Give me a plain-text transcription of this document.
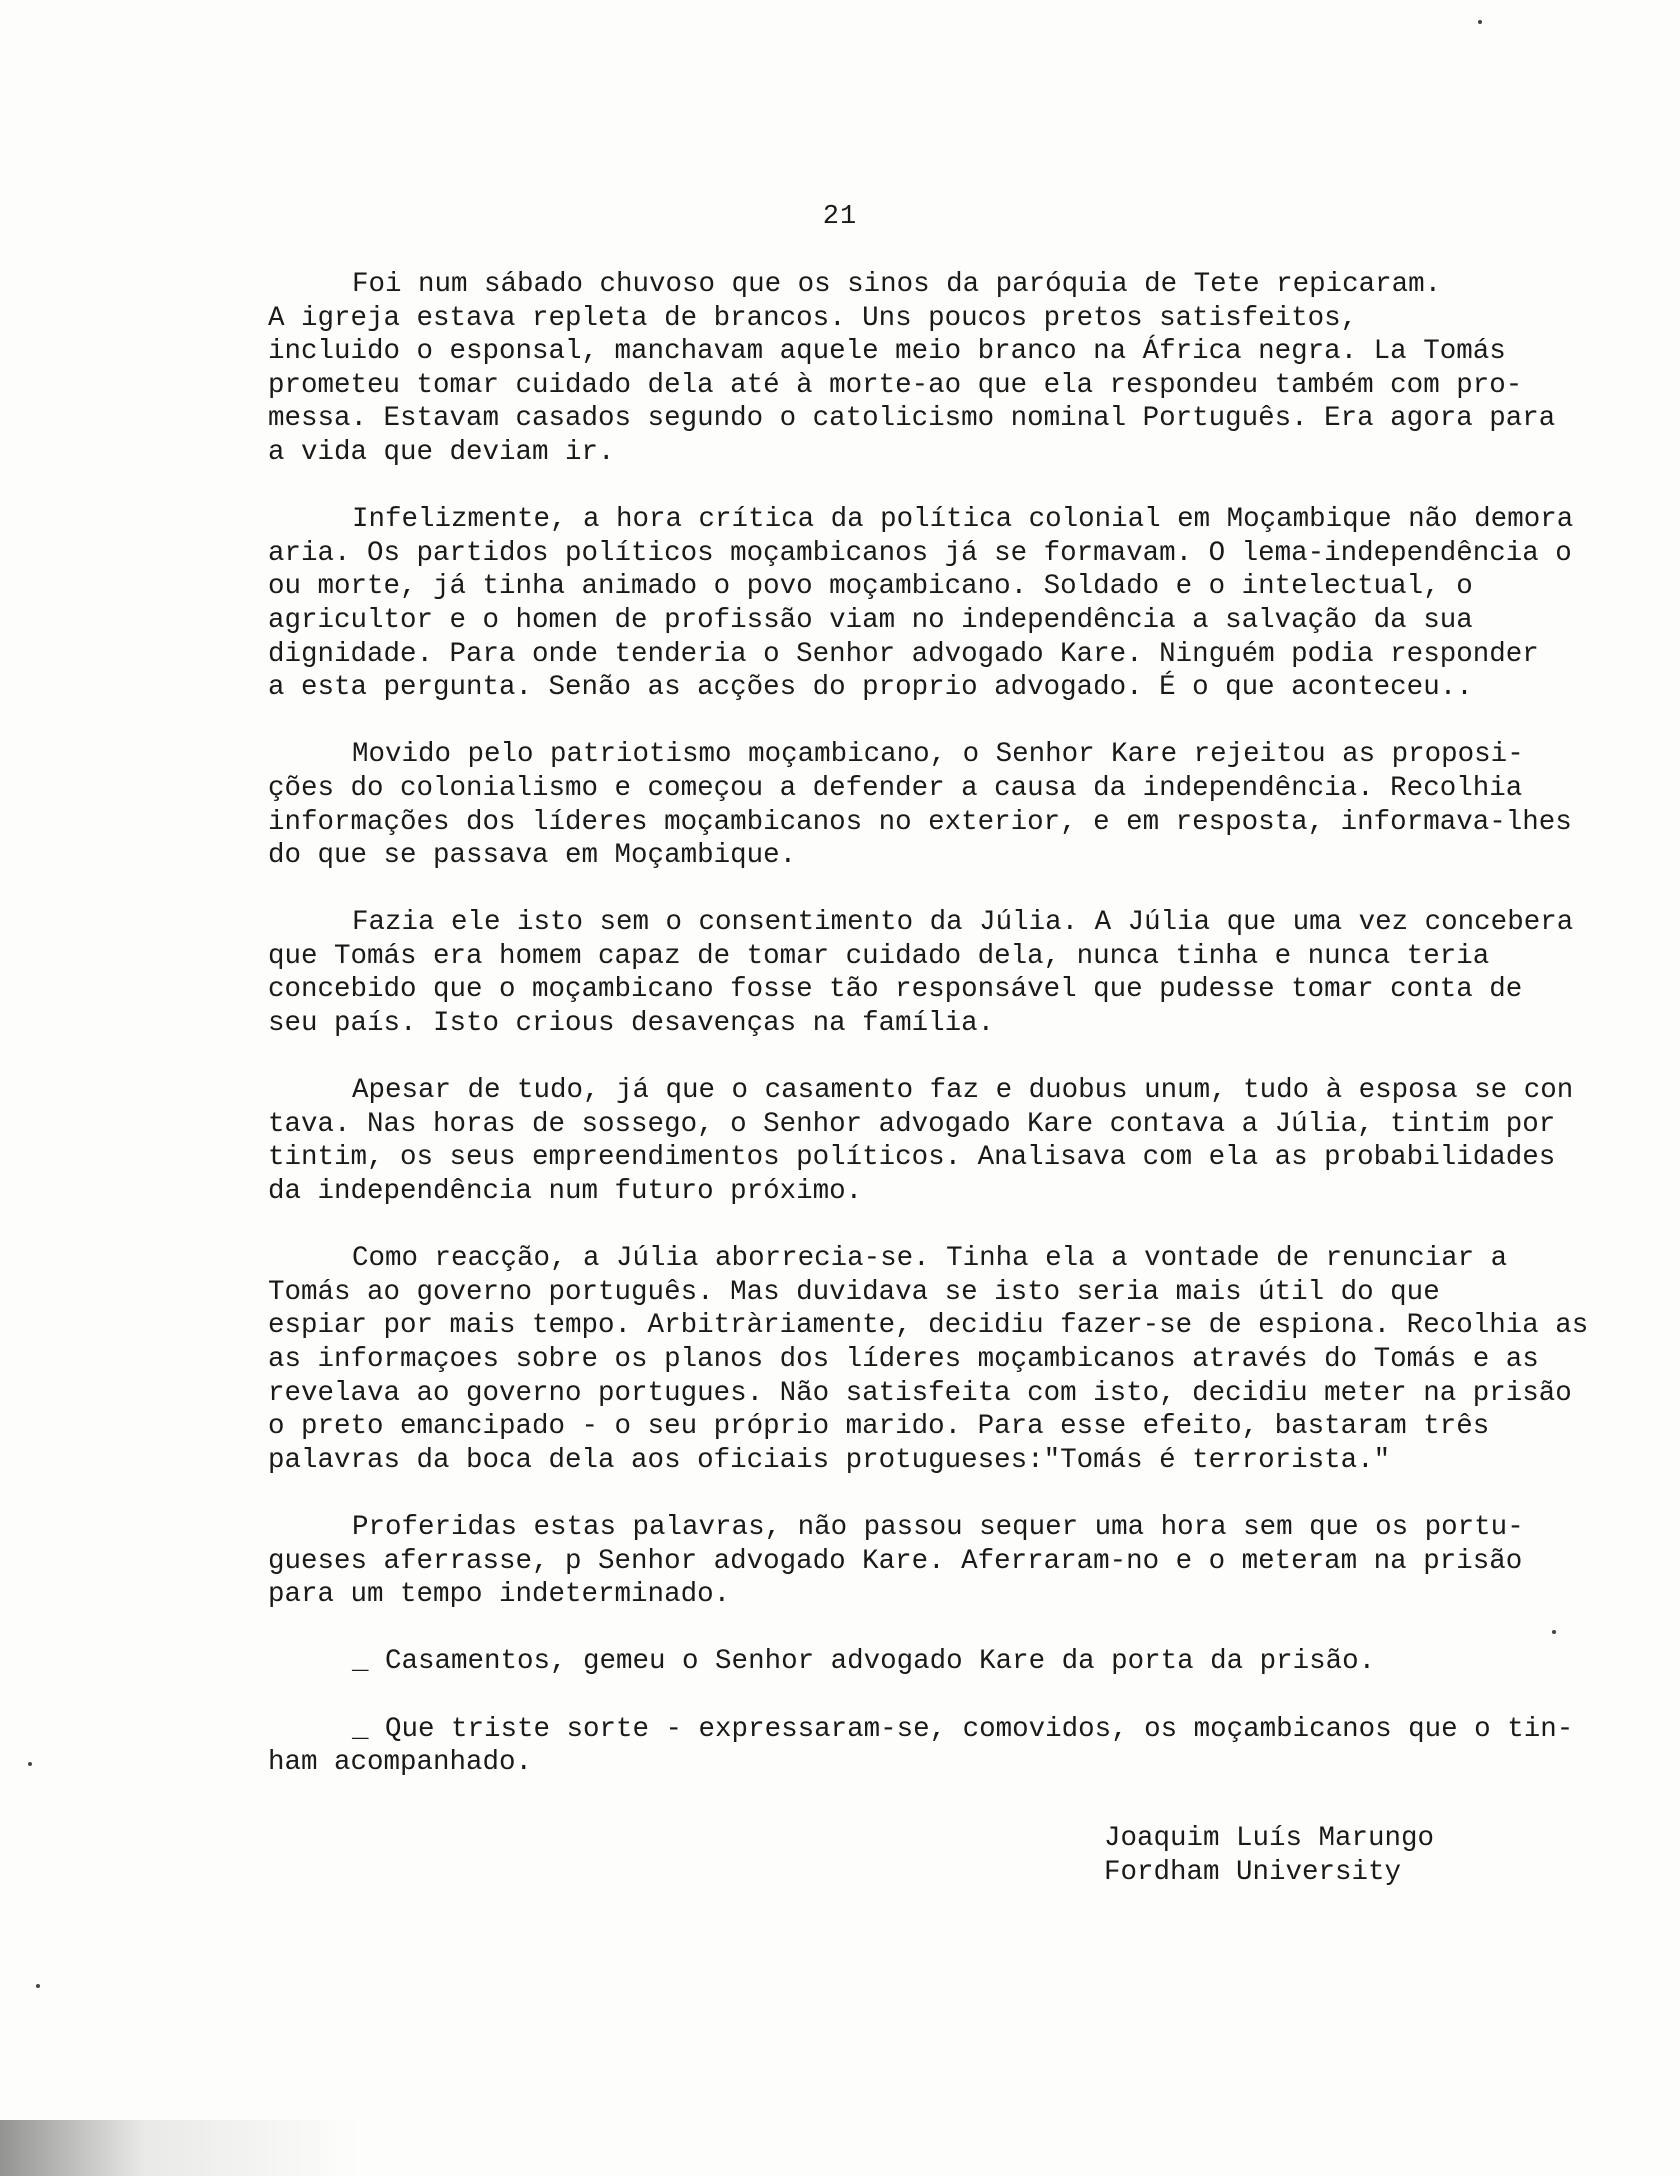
21

Foi num sábado chuvoso que os sinos da paróquia de Tete repicaram.
A igreja estava repleta de brancos. Uns poucos pretos satisfeitos,
incluido o esponsal, manchavam aquele meio branco na África negra. La Tomás
prometeu tomar cuidado dela até à morte-ao que ela respondeu também com pro-
messa. Estavam casados segundo o catolicismo nominal Português. Era agora para
a vida que deviam ir.

Infelizmente, a hora crítica da política colonial em Moçambique não demora
aria. Os partidos políticos moçambicanos já se formavam. O lema-independência o
ou morte, já tinha animado o povo moçambicano. Soldado e o intelectual, o
agricultor e o homen de profissão viam no independência a salvação da sua
dignidade. Para onde tenderia o Senhor advogado Kare. Ninguém podia responder
a esta pergunta. Senão as acções do proprio advogado. É o que aconteceu..

Movido pelo patriotismo moçambicano, o Senhor Kare rejeitou as proposi-
ções do colonialismo e começou a defender a causa da independência. Recolhia
informações dos líderes moçambicanos no exterior, e em resposta, informava-lhes
do que se passava em Moçambique.

Fazia ele isto sem o consentimento da Júlia. A Júlia que uma vez concebera
que Tomás era homem capaz de tomar cuidado dela, nunca tinha e nunca teria
concebido que o moçambicano fosse tão responsável que pudesse tomar conta de
seu país. Isto crious desavenças na família.

Apesar de tudo, já que o casamento faz e duobus unum, tudo à esposa se con
tava. Nas horas de sossego, o Senhor advogado Kare contava a Júlia, tintim por
tintim, os seus empreendimentos políticos. Analisava com ela as probabilidades
da independência num futuro próximo.

Como reacção, a Júlia aborrecia-se. Tinha ela a vontade de renunciar a
Tomás ao governo português. Mas duvidava se isto seria mais útil do que
espiar por mais tempo. Arbitràriamente, decidiu fazer-se de espiona. Recolhia as
as informaçoes sobre os planos dos líderes moçambicanos através do Tomás e as
revelava ao governo portugues. Não satisfeita com isto, decidiu meter na prisão
o preto emancipado - o seu próprio marido. Para esse efeito, bastaram três
palavras da boca dela aos oficiais protugueses:"Tomás é terrorista."

Proferidas estas palavras, não passou sequer uma hora sem que os portu-
gueses aferrasse, p Senhor advogado Kare. Aferraram-no e o meteram na prisão
para um tempo indeterminado.

_ Casamentos, gemeu o Senhor advogado Kare da porta da prisão.

_ Que triste sorte - expressaram-se, comovidos, os moçambicanos que o tin-
ham acompanhado.

Joaquim Luís Marungo
Fordham University
